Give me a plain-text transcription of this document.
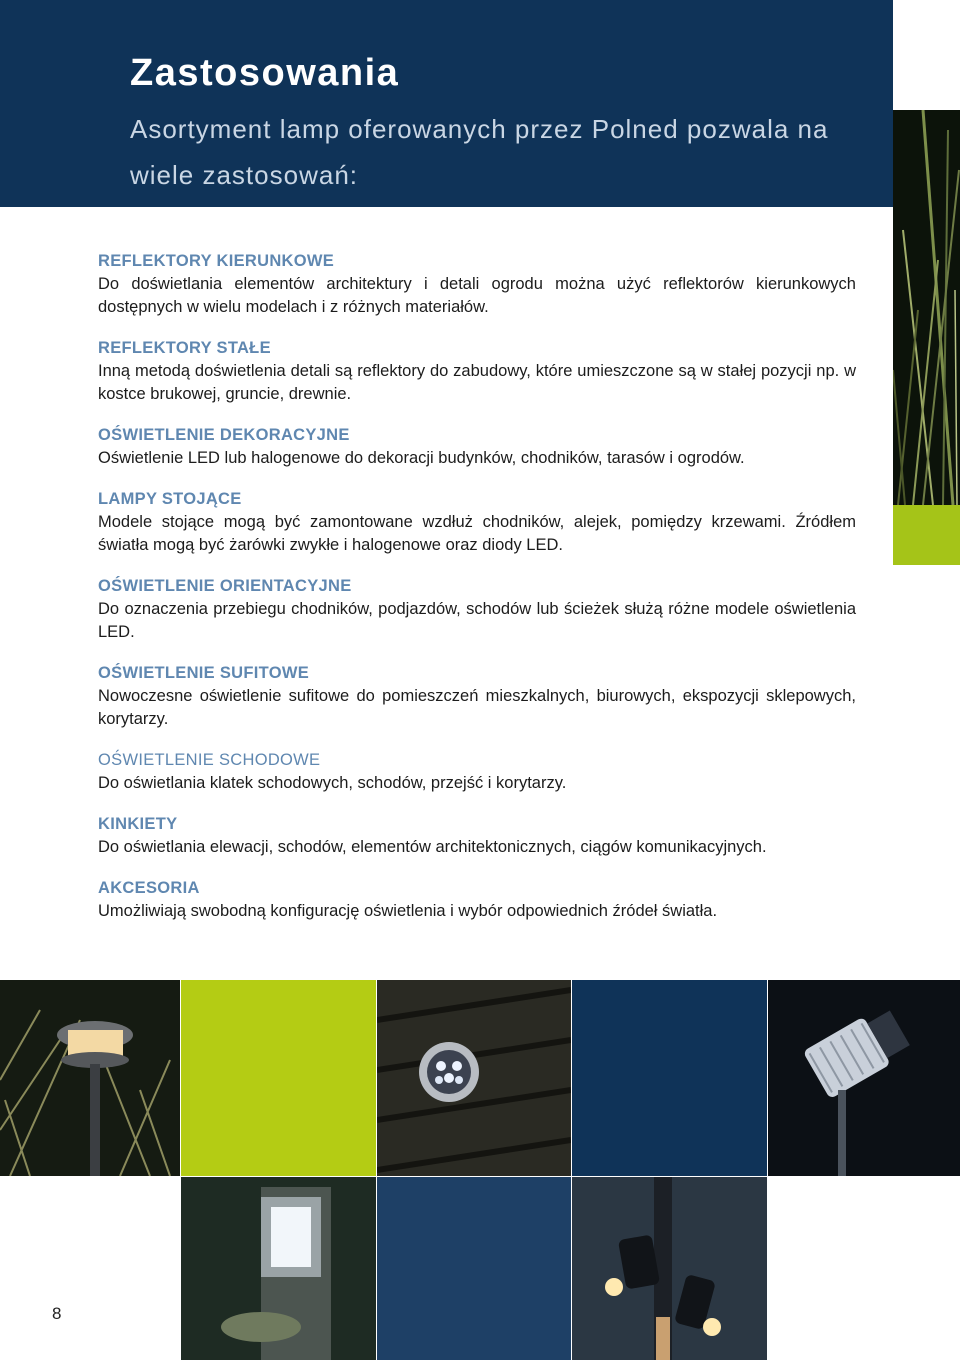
Zastosowania

Asortyment lamp oferowanych przez Polned pozwala na wiele zastosowań:

REFLEKTORY KIERUNKOWE
Do doświetlania elementów architektury i detali ogrodu można użyć reflektorów kierunkowych dostępnych w wielu modelach i z różnych materiałów.
REFLEKTORY STAŁE
Inną metodą doświetlenia detali są reflektory do zabudowy, które umieszczone są w stałej pozycji np. w kostce brukowej, gruncie, drewnie.
OŚWIETLENIE DEKORACYJNE
Oświetlenie LED lub halogenowe do dekoracji budynków, chodników, tarasów i ogrodów.
LAMPY STOJĄCE
Modele stojące mogą być zamontowane wzdłuż chodników, alejek, pomiędzy krzewami. Źródłem światła mogą być żarówki zwykłe i halogenowe oraz diody LED.
OŚWIETLENIE ORIENTACYJNE
Do oznaczenia przebiegu chodników, podjazdów, schodów lub ścieżek służą różne modele oświetlenia LED.
OŚWIETLENIE SUFITOWE
Nowoczesne oświetlenie sufitowe do pomieszczeń mieszkalnych, biurowych, ekspozycji sklepowych, korytarzy.
OŚWIETLENIE SCHODOWE
Do oświetlania klatek schodowych, schodów, przejść i korytarzy.
KINKIETY
Do oświetlania elewacji, schodów, elementów architektonicznych, ciągów komunikacyjnych.
AKCESORIA
Umożliwiają swobodną konfigurację oświetlenia i wybór odpowiednich źródeł światła.
8
